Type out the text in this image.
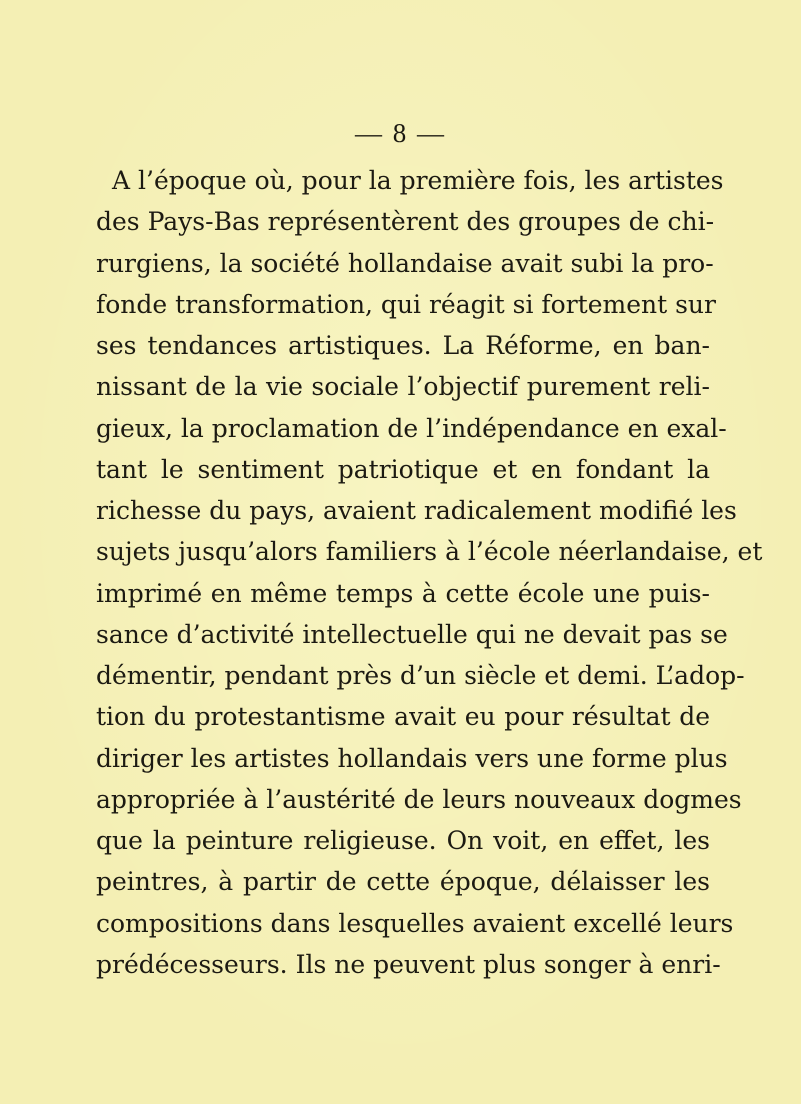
— 8 —
A l’époque où, pour la première fois, les artistes
des Pays-Bas représentèrent des groupes de chi-
rurgiens, la société hollandaise avait subi la pro-
fonde transformation, qui réagit si fortement sur
ses tendances artistiques. La Réforme, en ban-
nissant de la vie sociale l’objectif purement reli-
gieux, la proclamation de l’indépendance en exal-
tant le sentiment patriotique et en fondant la
richesse du pays, avaient radicalement modifié les
sujets jusqu’alors familiers à l’école néerlandaise, et
imprimé en même temps à cette école une puis-
sance d’activité intellectuelle qui ne devait pas se
démentir, pendant près d’un siècle et demi. L’adop-
tion du protestantisme avait eu pour résultat de
diriger les artistes hollandais vers une forme plus
appropriée à l’austérité de leurs nouveaux dogmes
que la peinture religieuse. On voit, en effet, les
peintres, à partir de cette époque, délaisser les
compositions dans lesquelles avaient excellé leurs
prédécesseurs. Ils ne peuvent plus songer à enri-
